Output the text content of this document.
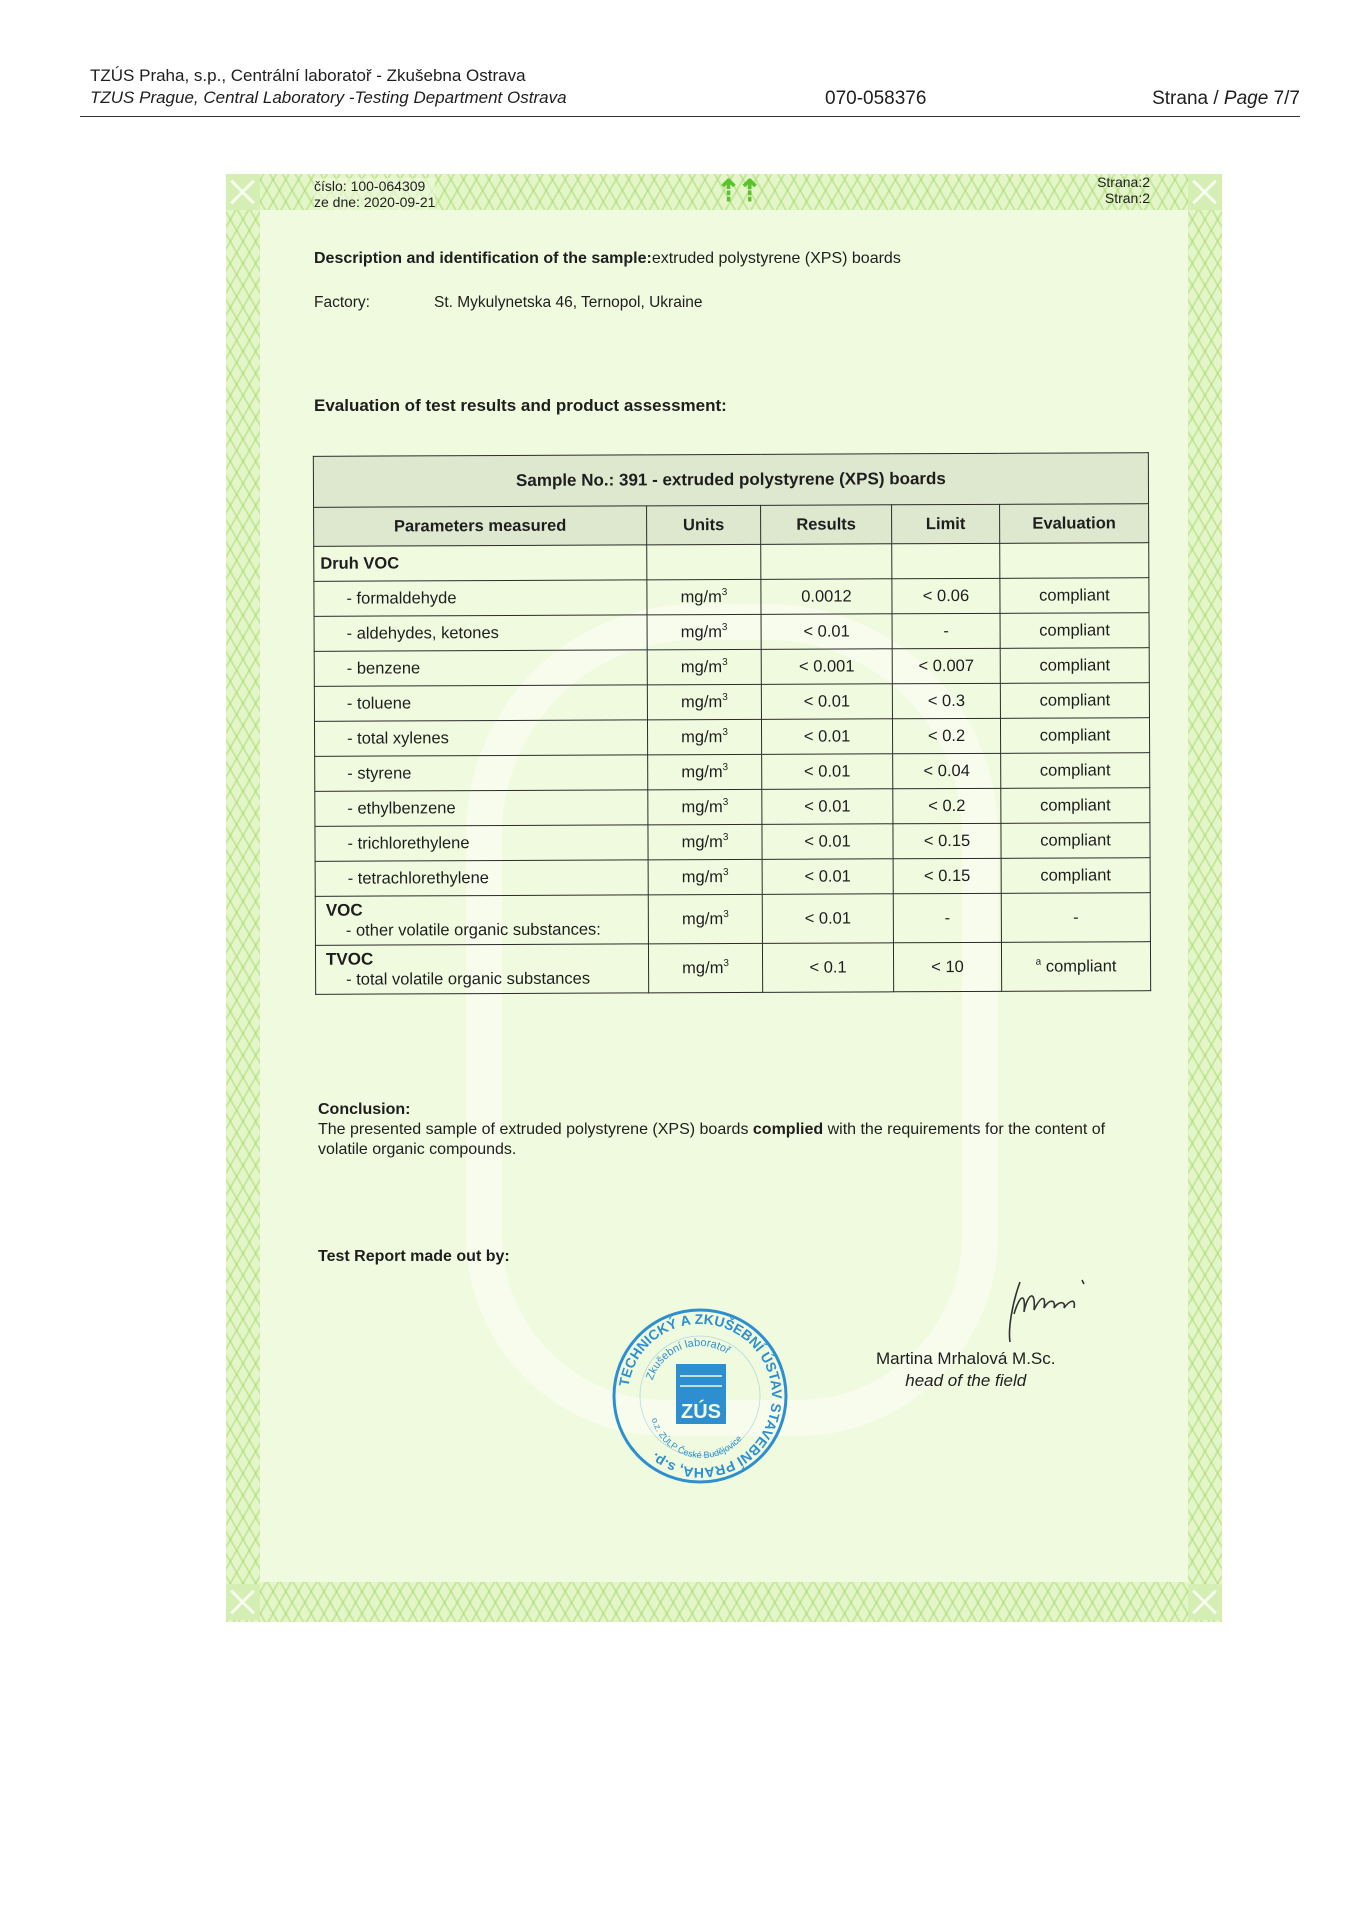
TZÚS Praha, s.p., Centrální laboratoř - Zkušebna Ostrava
TZUS Prague, Central Laboratory -Testing Department Ostrava	070-058376	Strana / Page 7/7
⇡⇡
číslo: 100-064309
ze dne: 2020-09-21
Strana:2
Stran:2
Description and identification of the sample:extruded polystyrene (XPS) boards
Factory:	St. Mykulynetska 46, Ternopol, Ukraine
Evaluation of test results and product assessment:
Sample No.: 391 - extruded polystyrene (XPS) boards				
Parameters measured	Units	Results	Limit	Evaluation
Druh VOC				
- formaldehyde	$mg/m^3$	0.0012	< 0.06	compliant
- aldehydes, ketones	$mg/m^3$	< 0.01	-	compliant
- benzene	$mg/m^3$	< 0.001	< 0.007	compliant
- toluene	$mg/m^3$	< 0.01	< 0.3	compliant
- total xylenes	$mg/m^3$	< 0.01	< 0.2	compliant
- styrene	$mg/m^3$	< 0.01	< 0.04	compliant
- ethylbenzene	$mg/m^3$	< 0.01	< 0.2	compliant
- trichlorethylene	$mg/m^3$	< 0.01	< 0.15	compliant
- tetrachlorethylene	$mg/m^3$	< 0.01	< 0.15	compliant

VOC
- other volatile organic substances:	$mg/m^3$	< 0.01	-	-

TVOC
- total volatile organic substances	$mg/m^3$	< 0.1	< 10	$^a$ compliant
Conclusion:
The presented sample of extruded polystyrene (XPS) boards complied with the requirements for the content of volatile organic compounds.
Test Report made out by:
TECHNICKÝ A ZKUŠEBNÍ ÚSTAV STAVEBNÍ PRAHA, s.p.
Zkušební laboratoř
o.z. ZÚLP České Budějovice
ZÚS
Martina Mrhalová M.Sc.
head of the field
